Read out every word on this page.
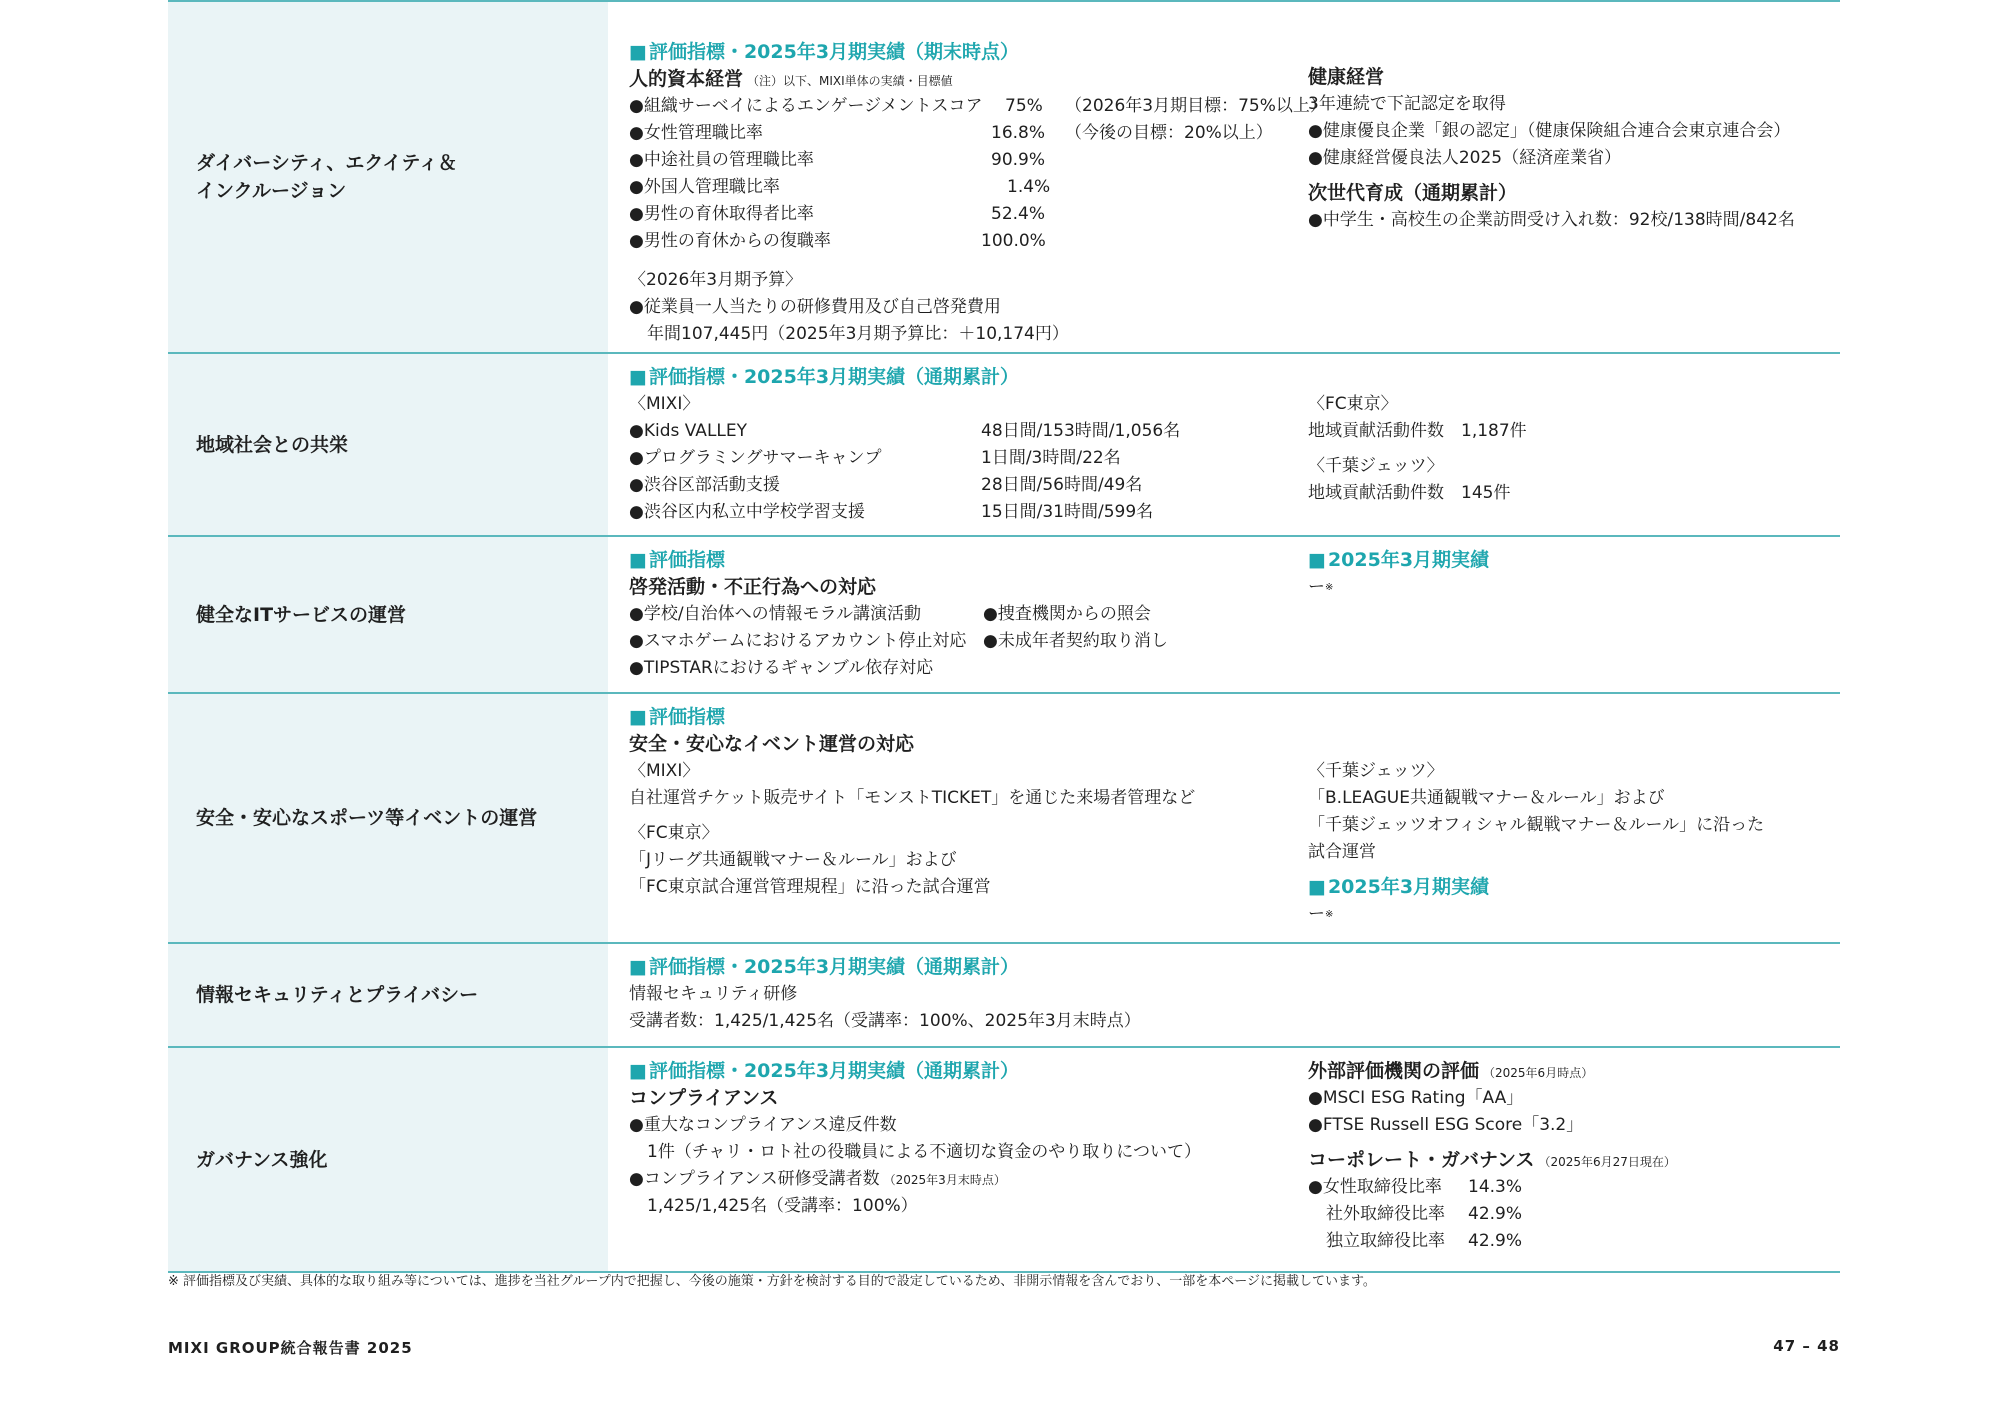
ダイバーシティ、エクイティ＆
インクルージョン
■ 評価指標・2025年3月期実績（期末時点）
人的資本経営 （注）以下、MIXI単体の実績・目標値
●組織サーベイによるエンゲージメントスコア 75% （2026年3月期目標：75%以上）
●女性管理職比率	16.8% （今後の目標：20%以上）
●中途社員の管理職比率	90.9%
●外国人管理職比率	1.4%
●男性の育休取得者比率	52.4%
●男性の育休からの復職率	100.0%
〈2026年3月期予算〉
●従業員一人当たりの研修費用及び自己啓発費用
年間107,445円（2025年3月期予算比：＋10,174円）
健康経営
3年連続で下記認定を取得
●健康優良企業「銀の認定」（健康保険組合連合会東京連合会）
●健康経営優良法人2025（経済産業省）
次世代育成（通期累計）
●中学生・高校生の企業訪問受け入れ数：92校/138時間/842名
地域社会との共栄
■ 評価指標・2025年3月期実績（通期累計）
〈MIXI〉
●Kids VALLEY	48日間/153時間/1,056名
●プログラミングサマーキャンプ	1日間/3時間/22名
●渋谷区部活動支援	28日間/56時間/49名
●渋谷区内私立中学校学習支援	15日間/31時間/599名
〈FC東京〉
地域貢献活動件数　1,187件
〈千葉ジェッツ〉
地域貢献活動件数　145件
健全なITサービスの運営
■ 評価指標
啓発活動・不正行為への対応
●学校/自治体への情報モラル講演活動	●捜査機関からの照会
●スマホゲームにおけるアカウント停止対応 ●未成年者契約取り消し
●TIPSTARにおけるギャンブル依存対応
■ 2025年3月期実績
ー※
安全・安心なスポーツ等イベントの運営
■ 評価指標
安全・安心なイベント運営の対応
〈MIXI〉
自社運営チケット販売サイト「モンストTICKET」を通じた来場者管理など
〈FC東京〉
「Jリーグ共通観戦マナー＆ルール」および
「FC東京試合運営管理規程」に沿った試合運営
〈千葉ジェッツ〉
「B.LEAGUE共通観戦マナー＆ルール」および
「千葉ジェッツオフィシャル観戦マナー＆ルール」に沿った
試合運営
■ 2025年3月期実績
ー※
情報セキュリティとプライバシー
■ 評価指標・2025年3月期実績（通期累計）
情報セキュリティ研修
受講者数：1,425/1,425名（受講率：100%、2025年3月末時点）
ガバナンス強化
■ 評価指標・2025年3月期実績（通期累計）
コンプライアンス
●重大なコンプライアンス違反件数
1件（チャリ・ロト社の役職員による不適切な資金のやり取りについて）
●コンプライアンス研修受講者数 （2025年3月末時点）
1,425/1,425名（受講率：100%）
外部評価機関の評価 （2025年6月時点）
●MSCI ESG Rating「AA」
●FTSE Russell ESG Score「3.2」
コーポレート・ガバナンス （2025年6月27日現在）
●女性取締役比率 14.3%
社外取締役比率 42.9%
独立取締役比率 42.9%
※ 評価指標及び実績、具体的な取り組み等については、進捗を当社グループ内で把握し、今後の施策・方針を検討する目的で設定しているため、非開示情報を含んでおり、一部を本ページに掲載しています。
MIXI GROUP統合報告書 2025	47 – 48
